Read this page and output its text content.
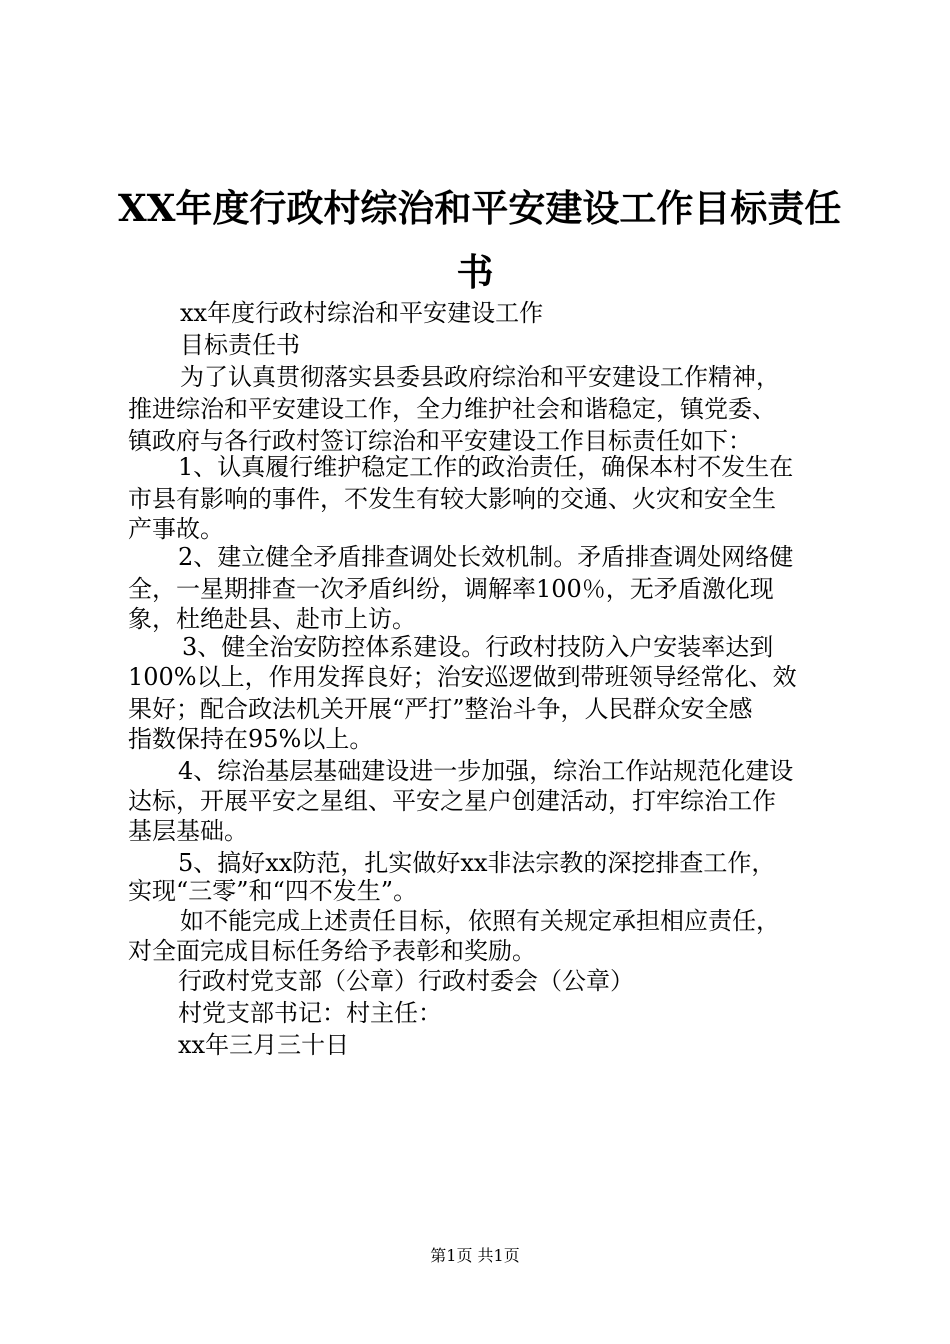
XX年度行政村综治和平安建设工作目标责任
书
xx年度行政村综治和平安建设工作
目标责任书
为了认真贯彻落实县委县政府综治和平安建设工作精神，
推进综治和平安建设工作，全力维护社会和谐稳定，镇党委、
镇政府与各行政村签订综治和平安建设工作目标责任如下：
1、认真履行维护稳定工作的政治责任，确保本村不发生在
市县有影响的事件，不发生有较大影响的交通、火灾和安全生
产事故。
2、建立健全矛盾排查调处长效机制。矛盾排查调处网络健
全，一星期排查一次矛盾纠纷，调解率100％，无矛盾激化现
象，杜绝赴县、赴市上访。
3、健全治安防控体系建设。行政村技防入户安装率达到
100%以上，作用发挥良好；治安巡逻做到带班领导经常化、效
果好；配合政法机关开展“严打”整治斗争，人民群众安全感
指数保持在95%以上。
4、综治基层基础建设进一步加强，综治工作站规范化建设
达标，开展平安之星组、平安之星户创建活动，打牢综治工作
基层基础。
5、搞好xx防范，扎实做好xx非法宗教的深挖排查工作，
实现“三零”和“四不发生”。
如不能完成上述责任目标，依照有关规定承担相应责任，
对全面完成目标任务给予表彰和奖励。
行政村党支部（公章）行政村委会（公章）
村党支部书记：村主任：
xx年三月三十日
第1页 共1页
